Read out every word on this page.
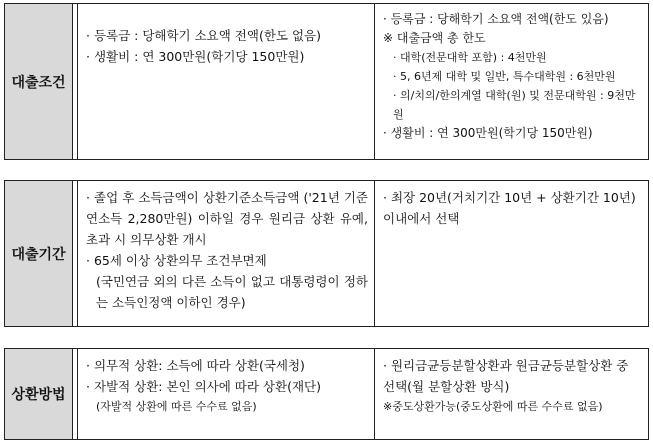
대출조건		
· 등록금 : 당해학기 소요액 전액(한도 없음)
· 생활비 : 연 300만원(학기당 150만원)

· 등록금 : 당해학기 소요액 전액(한도 있음)
※ 대출금액 총 한도
· 대학(전문대학 포함) : 4천만원
· 5, 6년제 대학 및 일반, 특수대학원 : 6천만원
· 의/치의/한의계열 대학(원) 및 전문대학원 : 9천만원
· 생활비 : 연 300만원(학기당 150만원)
대출기간		
· 졸업 후 소득금액이 상환기준소득금액 ('21년 기준 연소득 2,280만원) 이하일 경우 원리금 상환 유예, 초과 시 의무상환 개시
· 65세 이상 상환의무 조건부면제
(국민연금 외의 다른 소득이 없고 대통령령이 정하는 소득인정액 이하인 경우)

· 최장 20년(거치기간 10년 + 상환기간 10년) 이내에서 선택
상환방법		
· 의무적 상환: 소득에 따라 상환(국세청)
· 자발적 상환: 본인 의사에 따라 상환(재단)
(자발적 상환에 따른 수수료 없음)

· 원리금균등분할상환과 원금균등분할상환 중 선택(월 분할상환 방식)
※중도상환가능(중도상환에 따른 수수료 없음)
